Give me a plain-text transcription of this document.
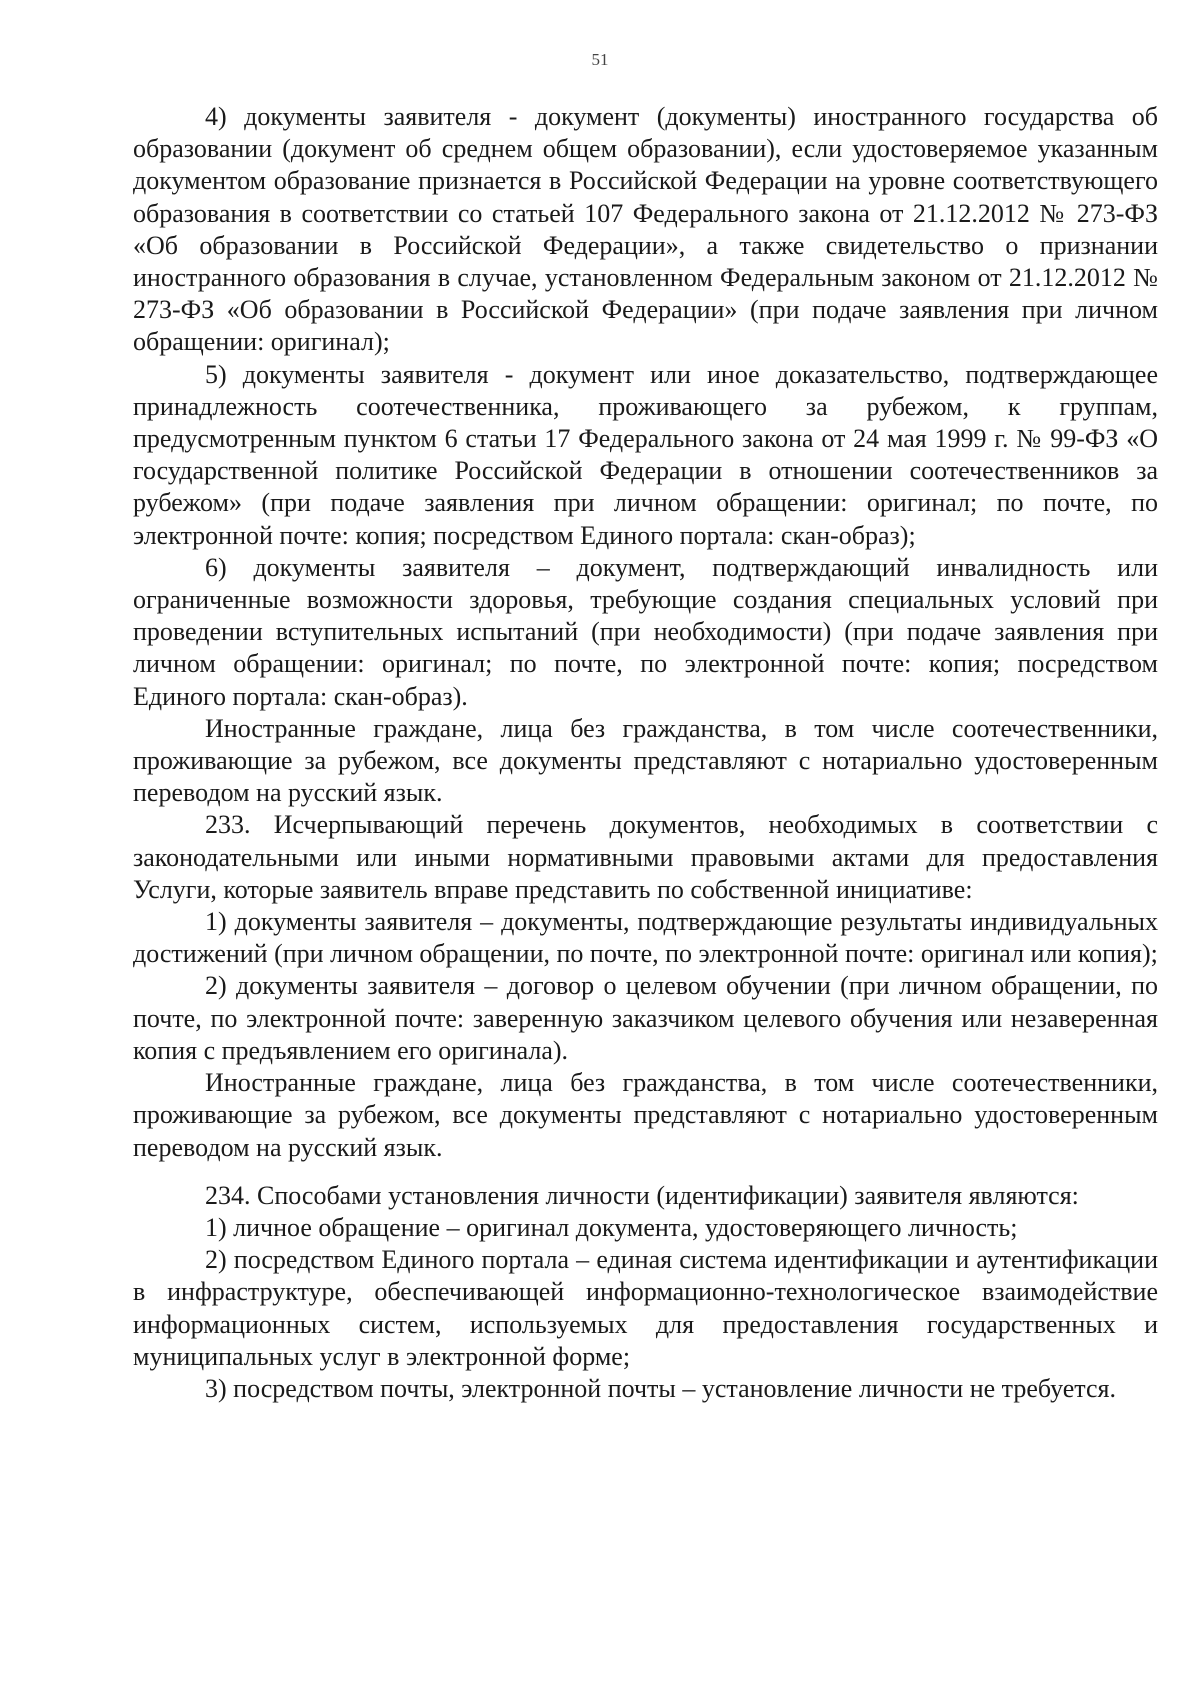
51

4) документы заявителя - документ (документы) иностранного государства об образовании (документ об среднем общем образовании), если удостоверяемое указанным документом образование признается в Российской Федерации на уровне соответствующего образования в соответствии со статьей 107 Федерального закона от 21.12.2012 № 273-ФЗ «Об образовании в Российской Федерации», а также свидетельство о признании иностранного образования в случае, установленном Федеральным законом от 21.12.2012 № 273-ФЗ «Об образовании в Российской Федерации» (при подаче заявления при личном обращении: оригинал);

5) документы заявителя - документ или иное доказательство, подтверждающее принадлежность соотечественника, проживающего за рубежом, к группам, предусмотренным пунктом 6 статьи 17 Федерального закона от 24 мая 1999 г. № 99-ФЗ «О государственной политике Российской Федерации в отношении соотечественников за рубежом» (при подаче заявления при личном обращении: оригинал; по почте, по электронной почте: копия; посредством Единого портала: скан-образ);

6) документы заявителя – документ, подтверждающий инвалидность или ограниченные возможности здоровья, требующие создания специальных условий при проведении вступительных испытаний (при необходимости) (при подаче заявления при личном обращении: оригинал; по почте, по электронной почте: копия; посредством Единого портала: скан-образ).

Иностранные граждане, лица без гражданства, в том числе соотечественники, проживающие за рубежом, все документы представляют с нотариально удостоверенным переводом на русский язык.

233. Исчерпывающий перечень документов, необходимых в соответствии с законодательными или иными нормативными правовыми актами для предоставления Услуги, которые заявитель вправе представить по собственной инициативе:

1) документы заявителя – документы, подтверждающие результаты индивидуальных достижений (при личном обращении, по почте, по электронной почте: оригинал или копия);

2) документы заявителя – договор о целевом обучении (при личном обращении, по почте, по электронной почте: заверенную заказчиком целевого обучения или незаверенная копия с предъявлением его оригинала).

Иностранные граждане, лица без гражданства, в том числе соотечественники, проживающие за рубежом, все документы представляют с нотариально удостоверенным переводом на русский язык.

234. Способами установления личности (идентификации) заявителя являются:

1) личное обращение – оригинал документа, удостоверяющего личность;

2) посредством Единого портала – единая система идентификации и аутентификации в инфраструктуре, обеспечивающей информационно-технологическое взаимодействие информационных систем, используемых для предоставления государственных и муниципальных услуг в электронной форме;

3) посредством почты, электронной почты – установление личности не требуется.
